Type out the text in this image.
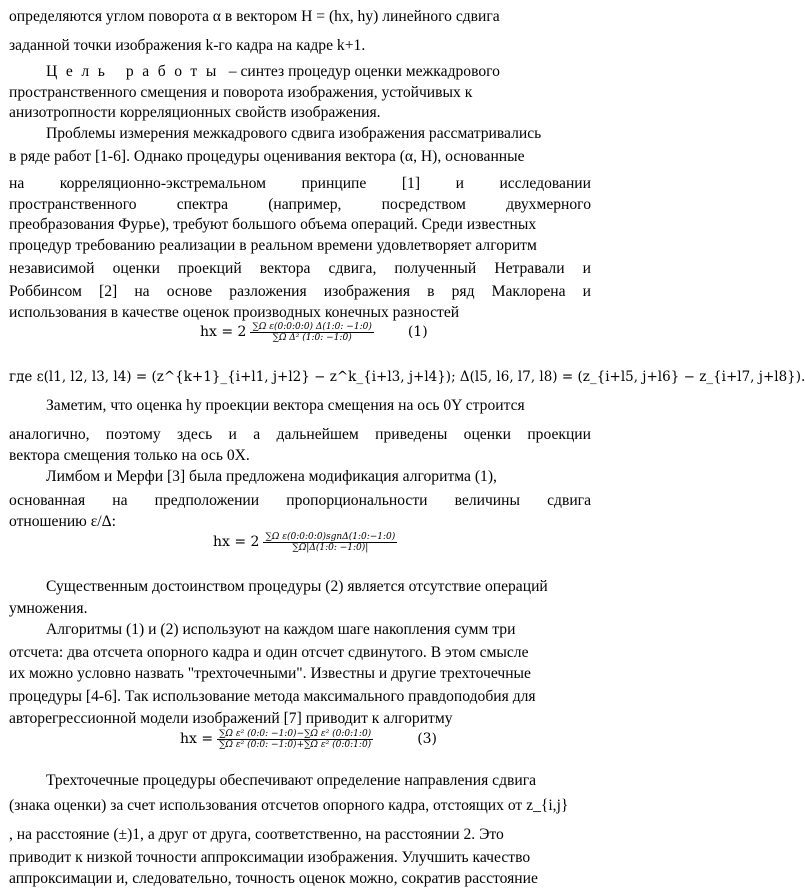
определяются углом поворота α в вектором H = (hx, hy) линейного сдвига
заданной точки изображения k-го кадра на кадре k+1.
Цель работы – синтез процедур оценки межкадрового
пространственного смещения и поворота изображения, устойчивых к
анизотропности корреляционных свойств изображения.
Проблемы измерения межкадрового сдвига изображения рассматривались
в ряде работ [1-6]. Однако процедуры оценивания вектора (α, H), основанные
на корреляционно-экстремальном принципе [1] и исследовании
пространственного спектра (например, посредством двухмерного
преобразования Фурье), требуют большого объема операций. Среди известных
процедур требованию реализации в реальном времени удовлетворяет алгоритм
независимой оценки проекций вектора сдвига, полученный Нетравали и
Роббинсом [2] на основе разложения изображения в ряд Маклорена и
использования в качестве оценок производных конечных разностей
hx = $2 \frac{\text{∑Ω ε(0:0:0:0) Δ(1:0: −1:0)}}{\text{∑Ω Δ² (1:0: −1:0)}} (1)$
где ε(l1, l2, l3, l4) = (z^{k+1}_{i+l1, j+l2} − z^k_{i+l3, j+l4}); Δ(l5, l6, l7, l8) = (z_{i+l5, j+l6} − z_{i+l7, j+l8}).
Заметим, что оценка hy проекции вектора смещения на ось 0Y строится
аналогично, поэтому здесь и а дальнейшем приведены оценки проекции
вектора смещения только на ось 0X.
Лимбом и Мерфи [3] была предложена модификация алгоритма (1),
основанная на предположении пропорциональности величины сдвига
отношению ε/Δ:
hx = $2 \frac{\text{∑Ω ε(0:0:0:0)sgnΔ(1:0:−1:0)}}{\sum\Omega|\Delta(1:0: -1:0)|}$
Существенным достоинством процедуры (2) является отсутствие операций
умножения.
Алгоритмы (1) и (2) используют на каждом шаге накопления сумм три
отсчета: два отсчета опорного кадра и один отсчет сдвинутого. В этом смысле
их можно условно назвать "трехточечными". Известны и другие трехточечные
процедуры [4-6]. Так использование метода максимального правдоподобия для
авторегрессионной модели изображений [7] приводит к алгоритму
hx = $\frac{\text{∑Ω ε² (0:0: −1:0)−∑Ω ε² (0:0:1:0)}}{\text{∑Ω ε² (0:0: −1:0)+∑Ω ε² (0:0:1:0)}}$	(3)
Трехточечные процедуры обеспечивают определение направления сдвига
(знака оценки) за счет использования отсчетов опорного кадра, отстоящих от z_{i,j}
, на расстояние (±)1, а друг от друга, соответственно, на расстоянии 2. Это
приводит к низкой точности аппроксимации изображения. Улучшить качество
аппроксимации и, следовательно, точность оценок можно, сократив расстояние
